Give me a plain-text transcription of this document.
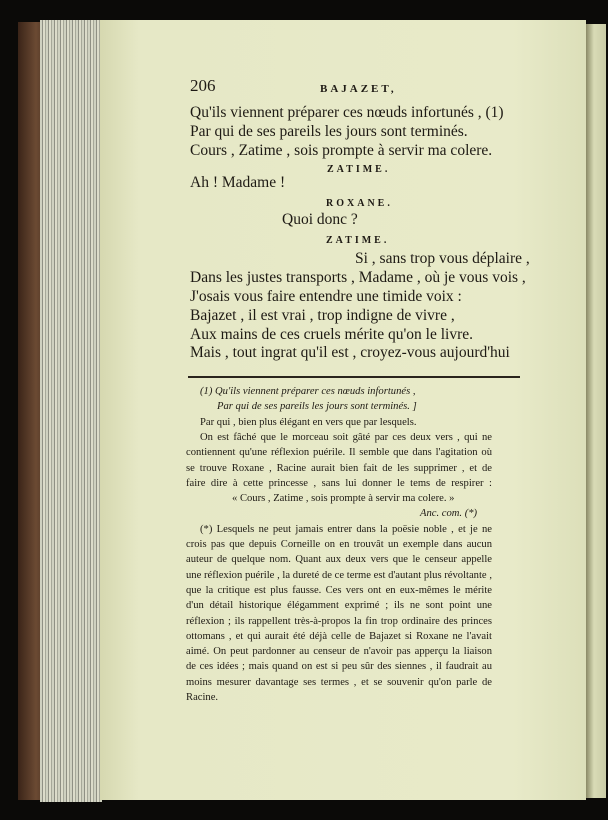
206	BAJAZET,
Qu'ils viennent préparer ces nœuds infortunés , (1)
Par qui de ses pareils les jours sont terminés.
Cours , Zatime , sois prompte à servir ma colere.
ZATIME.
Ah ! Madame !
ROXANE.
Quoi donc ?
ZATIME.
Si , sans trop vous déplaire ,
Dans les justes transports , Madame , où je vous vois ,
J'osais vous faire entendre une timide voix :
Bajazet , il est vrai , trop indigne de vivre ,
Aux mains de ces cruels mérite qu'on le livre.
Mais , tout ingrat qu'il est , croyez-vous aujourd'hui
(1) Qu'ils viennent préparer ces nœuds infortunés ,
Par qui de ses pareils les jours sont terminés. ]
Par qui , bien plus élégant en vers que par lesquels.
On est fâché que le morceau soit gâté par ces deux vers , qui ne
contiennent qu'une réflexion puérile. Il semble que dans l'agitation où
se trouve Roxane , Racine aurait bien fait de les supprimer , et de
faire dire à cette princesse , sans lui donner le tems de respirer :
« Cours , Zatime , sois prompte à servir ma colere. »
Anc. com. (*)
(*) Lesquels ne peut jamais entrer dans la poësie noble , et je ne
crois pas que depuis Corneille on en trouvât un exemple dans aucun
auteur de quelque nom. Quant aux deux vers que le censeur appelle
une réflexion puérile , la dureté de ce terme est d'autant plus révoltante ,
que la critique est plus fausse. Ces vers ont en eux-mêmes le mérite
d'un détail historique élégamment exprimé ; ils ne sont point une
réflexion ; ils rappellent très-à-propos la fin trop ordinaire des princes
ottomans , et qui aurait été déjà celle de Bajazet si Roxane ne l'avait
aimé. On peut pardonner au censeur de n'avoir pas apperçu la liaison
de ces idées ; mais quand on est si peu sûr des siennes , il faudrait au
moins mesurer davantage ses termes , et se souvenir qu'on parle de
Racine.
